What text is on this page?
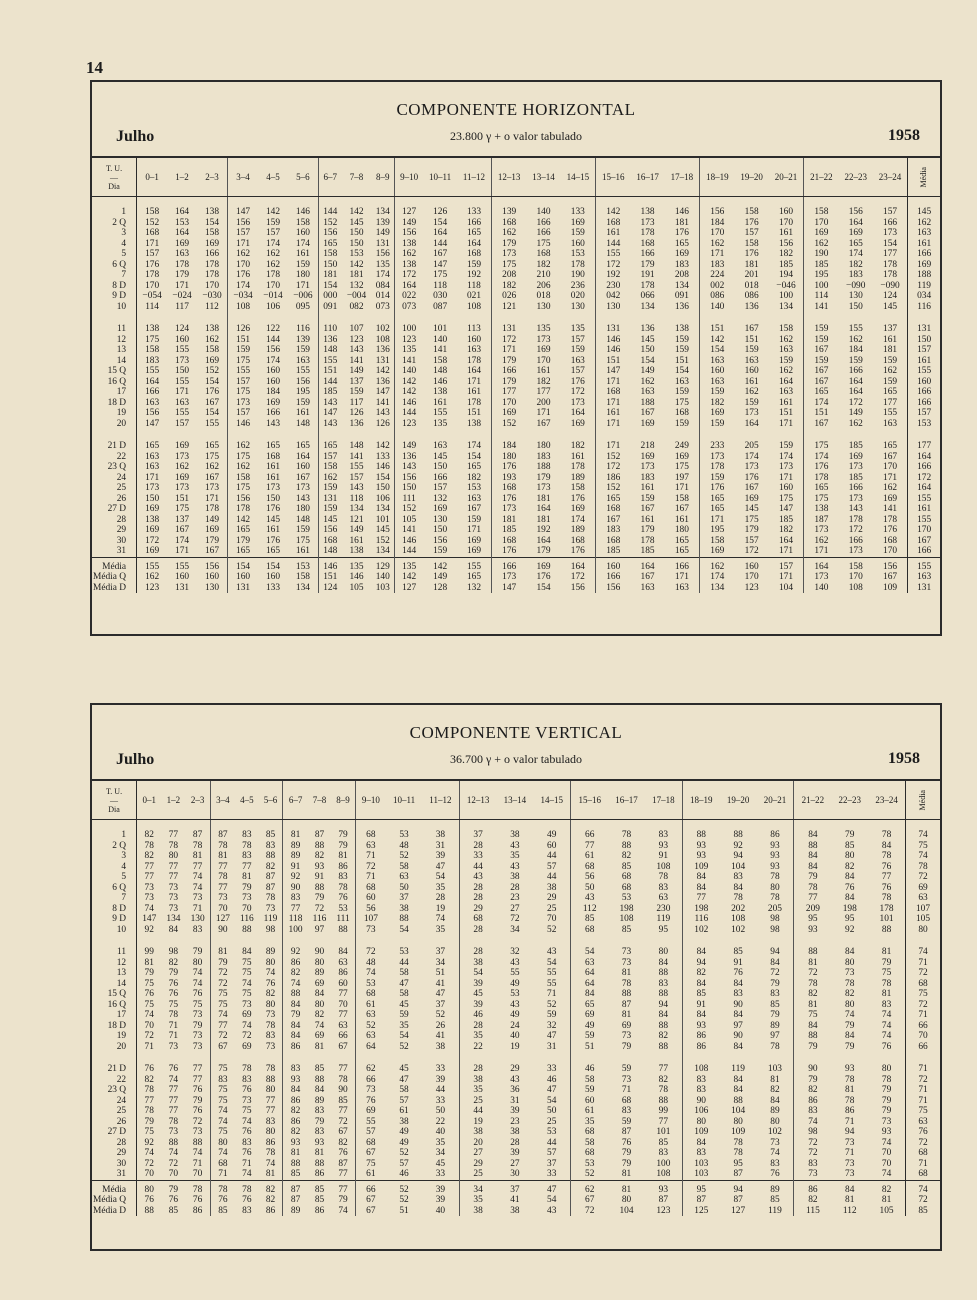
14
COMPONENTE HORIZONTAL
Julho	23.800 γ + o valor tabulado	1958
T. U.
—
Dia	0–1	1–2	2–3	3–4	4–5	5–6	6–7	7–8	8–9	9–10	10–11	11–12	12–13	13–14	14–15	15–16	16–17	17–18	18–19	19–20	20–21	21–22	22–23	23–24	Média
1	158	164	138	147	142	146	144	142	134	127	126	133	139	140	133	142	138	146	156	158	160	158	156	157	145
2 Q	152	153	154	156	159	158	152	145	139	149	154	166	168	166	169	168	173	181	184	176	170	170	164	166	162
3	168	164	158	157	157	160	156	150	149	156	164	165	162	166	159	161	178	176	170	157	161	169	169	173	163
4	171	169	169	171	174	174	165	150	131	138	144	164	179	175	160	144	168	165	162	158	156	162	165	154	161
5	157	163	166	162	162	161	158	153	156	162	167	168	173	168	153	155	166	169	171	176	182	190	174	177	166
6 Q	176	178	178	170	162	159	150	142	135	138	147	159	175	182	178	172	179	183	183	181	185	185	182	178	169
7	178	179	178	176	178	180	181	181	174	172	175	192	208	210	190	192	191	208	224	201	194	195	183	178	188
8 D	170	171	170	174	170	171	154	132	084	164	118	118	182	206	236	230	178	134	002	018	−046	100	−090	−090	119
9 D	−054	−024	−030	−034	−014	−006	000	−004	014	022	030	021	026	018	020	042	066	091	086	086	100	114	130	124	034
10	114	117	112	108	106	095	091	082	073	073	087	108	121	130	130	130	134	136	140	136	134	141	150	145	116

11	138	124	138	126	122	116	110	107	102	100	101	113	131	135	135	131	136	138	151	167	158	159	155	137	131
12	175	160	162	151	144	139	136	123	108	123	140	160	172	173	157	146	145	159	142	151	162	159	162	161	150
13	158	155	158	159	156	159	148	143	136	135	141	163	171	169	159	146	150	159	154	159	163	167	184	181	157
14	183	173	169	175	174	163	155	141	131	141	158	178	179	170	163	151	154	151	163	163	159	159	159	159	161
15 Q	155	150	152	155	160	155	151	149	142	140	148	164	166	161	157	147	149	154	160	160	162	167	166	162	155
16 Q	164	155	154	157	160	156	144	137	136	142	146	171	179	182	176	171	162	163	163	161	164	167	164	159	160
17	166	171	176	175	184	195	185	159	147	142	138	161	177	177	172	168	163	159	159	162	163	165	164	165	166
18 D	163	163	167	173	169	159	143	117	141	146	161	178	170	200	173	171	188	175	182	159	161	174	172	177	166
19	156	155	154	157	166	161	147	126	143	144	155	151	169	171	164	161	167	168	169	173	151	151	149	155	157
20	147	157	155	146	143	148	143	136	126	123	135	138	152	167	169	171	169	159	159	164	171	167	162	163	153

21 D	165	169	165	162	165	165	165	148	142	149	163	174	184	180	182	171	218	249	233	205	159	175	185	165	177
22	163	173	175	175	168	164	157	141	133	136	145	154	180	183	161	152	169	169	173	174	174	174	169	167	164
23 Q	163	162	162	162	161	160	158	155	146	143	150	165	176	188	178	172	173	175	178	173	173	176	173	170	166
24	171	169	167	158	161	167	162	157	154	156	166	182	193	179	189	186	183	197	159	176	171	178	185	171	172
25	173	173	173	175	173	173	159	143	150	150	157	153	168	173	158	152	161	171	176	167	160	165	166	162	164
26	150	151	171	156	150	143	131	118	106	111	132	163	176	181	176	165	159	158	165	169	175	175	173	169	155
27 D	169	175	178	178	176	180	159	134	134	152	169	167	173	164	169	168	167	167	165	145	147	138	143	141	161
28	138	137	149	142	145	148	145	121	101	105	130	159	181	181	174	167	161	161	171	175	185	187	178	178	155
29	169	167	169	165	161	159	156	149	145	141	150	171	185	192	189	183	179	180	195	179	182	173	172	176	170
30	172	174	179	179	176	175	168	161	152	146	156	169	168	164	168	168	178	165	158	157	164	162	166	168	167
31	169	171	167	165	165	161	148	138	134	144	159	169	176	179	176	185	185	165	169	172	171	171	173	170	166
Média	155	155	156	154	154	153	146	135	129	135	142	155	166	169	164	160	164	166	162	160	157	164	158	156	155
Média Q	162	160	160	160	160	158	151	146	140	142	149	165	173	176	172	166	167	171	174	170	171	173	170	167	163
Média D	123	131	130	131	133	134	124	105	103	127	128	132	147	154	156	156	163	163	134	123	104	140	108	109	131
COMPONENTE VERTICAL
Julho	36.700 γ + o valor tabulado	1958
T. U.
—
Dia	0–1	1–2	2–3	3–4	4–5	5–6	6–7	7–8	8–9	9–10	10–11	11–12	12–13	13–14	14–15	15–16	16–17	17–18	18–19	19–20	20–21	21–22	22–23	23–24	Média
1	82	77	87	87	83	85	81	87	79	68	53	38	37	38	49	66	78	83	88	88	86	84	79	78	74
2 Q	78	78	78	78	78	83	89	88	79	63	48	31	28	43	60	77	88	93	93	92	93	88	85	84	75
3	82	80	81	81	83	88	89	82	81	71	52	39	33	35	44	61	82	91	93	94	93	84	80	78	74
4	77	77	77	77	77	82	91	93	86	72	58	47	44	43	57	68	85	108	109	104	93	84	82	76	78
5	77	77	74	78	81	87	92	91	83	71	63	54	43	38	44	56	68	78	84	83	78	79	84	77	72
6 Q	73	73	74	77	79	87	90	88	78	68	50	35	28	28	38	50	68	83	84	84	80	78	76	76	69
7	73	73	73	73	73	78	83	79	76	60	37	28	28	23	29	43	53	63	77	78	78	77	84	78	63
8 D	74	73	71	70	70	73	77	72	53	56	38	19	29	27	25	112	198	230	198	202	205	209	198	178	107
9 D	147	134	130	127	116	119	118	116	111	107	88	74	68	72	70	85	108	119	116	108	98	95	95	101	105
10	92	84	83	90	88	98	100	97	88	73	54	35	28	34	52	68	85	95	102	102	98	93	92	88	80

11	99	98	79	81	84	89	92	90	84	72	53	37	28	32	43	54	73	80	84	85	94	88	84	81	74
12	81	82	80	79	75	80	86	80	63	48	44	34	38	43	54	63	73	84	94	91	84	81	80	79	71
13	79	79	74	72	75	74	82	89	86	74	58	51	54	55	55	64	81	88	82	76	72	72	73	75	72
14	75	76	74	72	74	76	74	69	60	53	47	41	39	49	55	64	78	83	84	84	79	78	78	78	68
15 Q	76	76	76	75	75	82	88	84	77	68	58	47	45	53	71	84	88	88	85	83	83	82	82	81	75
16 Q	75	75	75	75	73	80	84	80	70	61	45	37	39	43	52	65	87	94	91	90	85	81	80	83	72
17	74	78	73	74	69	73	79	82	77	63	59	52	46	49	59	69	81	84	84	84	79	75	74	74	71
18 D	70	71	79	77	74	78	84	74	63	52	35	26	28	24	32	49	69	88	93	97	89	84	79	74	66
19	72	71	73	72	72	83	84	69	66	63	54	41	35	40	47	59	73	82	86	90	97	88	84	74	70
20	71	73	73	67	69	73	86	81	67	64	52	38	22	19	31	51	79	88	86	84	78	79	79	76	66

21 D	76	76	77	75	78	78	83	85	77	62	45	33	28	29	33	46	59	77	108	119	103	90	93	80	71
22	82	74	77	83	83	88	93	88	78	66	47	39	38	43	46	58	73	82	83	84	81	79	78	78	72
23 Q	78	77	76	75	76	80	84	84	90	73	58	44	35	36	47	59	71	78	83	84	82	82	81	79	71
24	77	77	79	75	73	77	86	89	85	76	57	33	25	31	54	60	68	88	90	88	84	86	78	79	71
25	78	77	76	74	75	77	82	83	77	69	61	50	44	39	50	61	83	99	106	104	89	83	86	79	75
26	79	78	72	74	74	83	86	79	72	55	38	22	19	23	25	35	59	77	80	80	80	74	71	73	63
27 D	75	73	73	75	76	80	82	83	67	57	49	40	38	38	53	68	87	101	109	109	102	98	94	93	76
28	92	88	88	80	83	86	93	93	82	68	49	35	20	28	44	58	76	85	84	78	73	72	73	74	72
29	74	74	74	74	76	78	81	81	76	67	52	34	27	39	57	68	79	83	83	78	74	72	71	70	68
30	72	72	71	68	71	74	88	88	87	75	57	45	29	27	37	53	79	100	103	95	83	83	73	70	71
31	70	70	70	71	74	81	85	86	77	61	46	33	25	30	33	52	81	108	103	87	76	73	73	74	68
Média	80	79	78	78	78	82	87	85	77	66	52	39	34	37	47	62	81	93	95	94	89	86	84	82	74
Média Q	76	76	76	76	76	82	87	85	79	67	52	39	35	41	54	67	80	87	87	87	85	82	81	81	72
Média D	88	85	86	85	83	86	89	86	74	67	51	40	38	38	43	72	104	123	125	127	119	115	112	105	85
